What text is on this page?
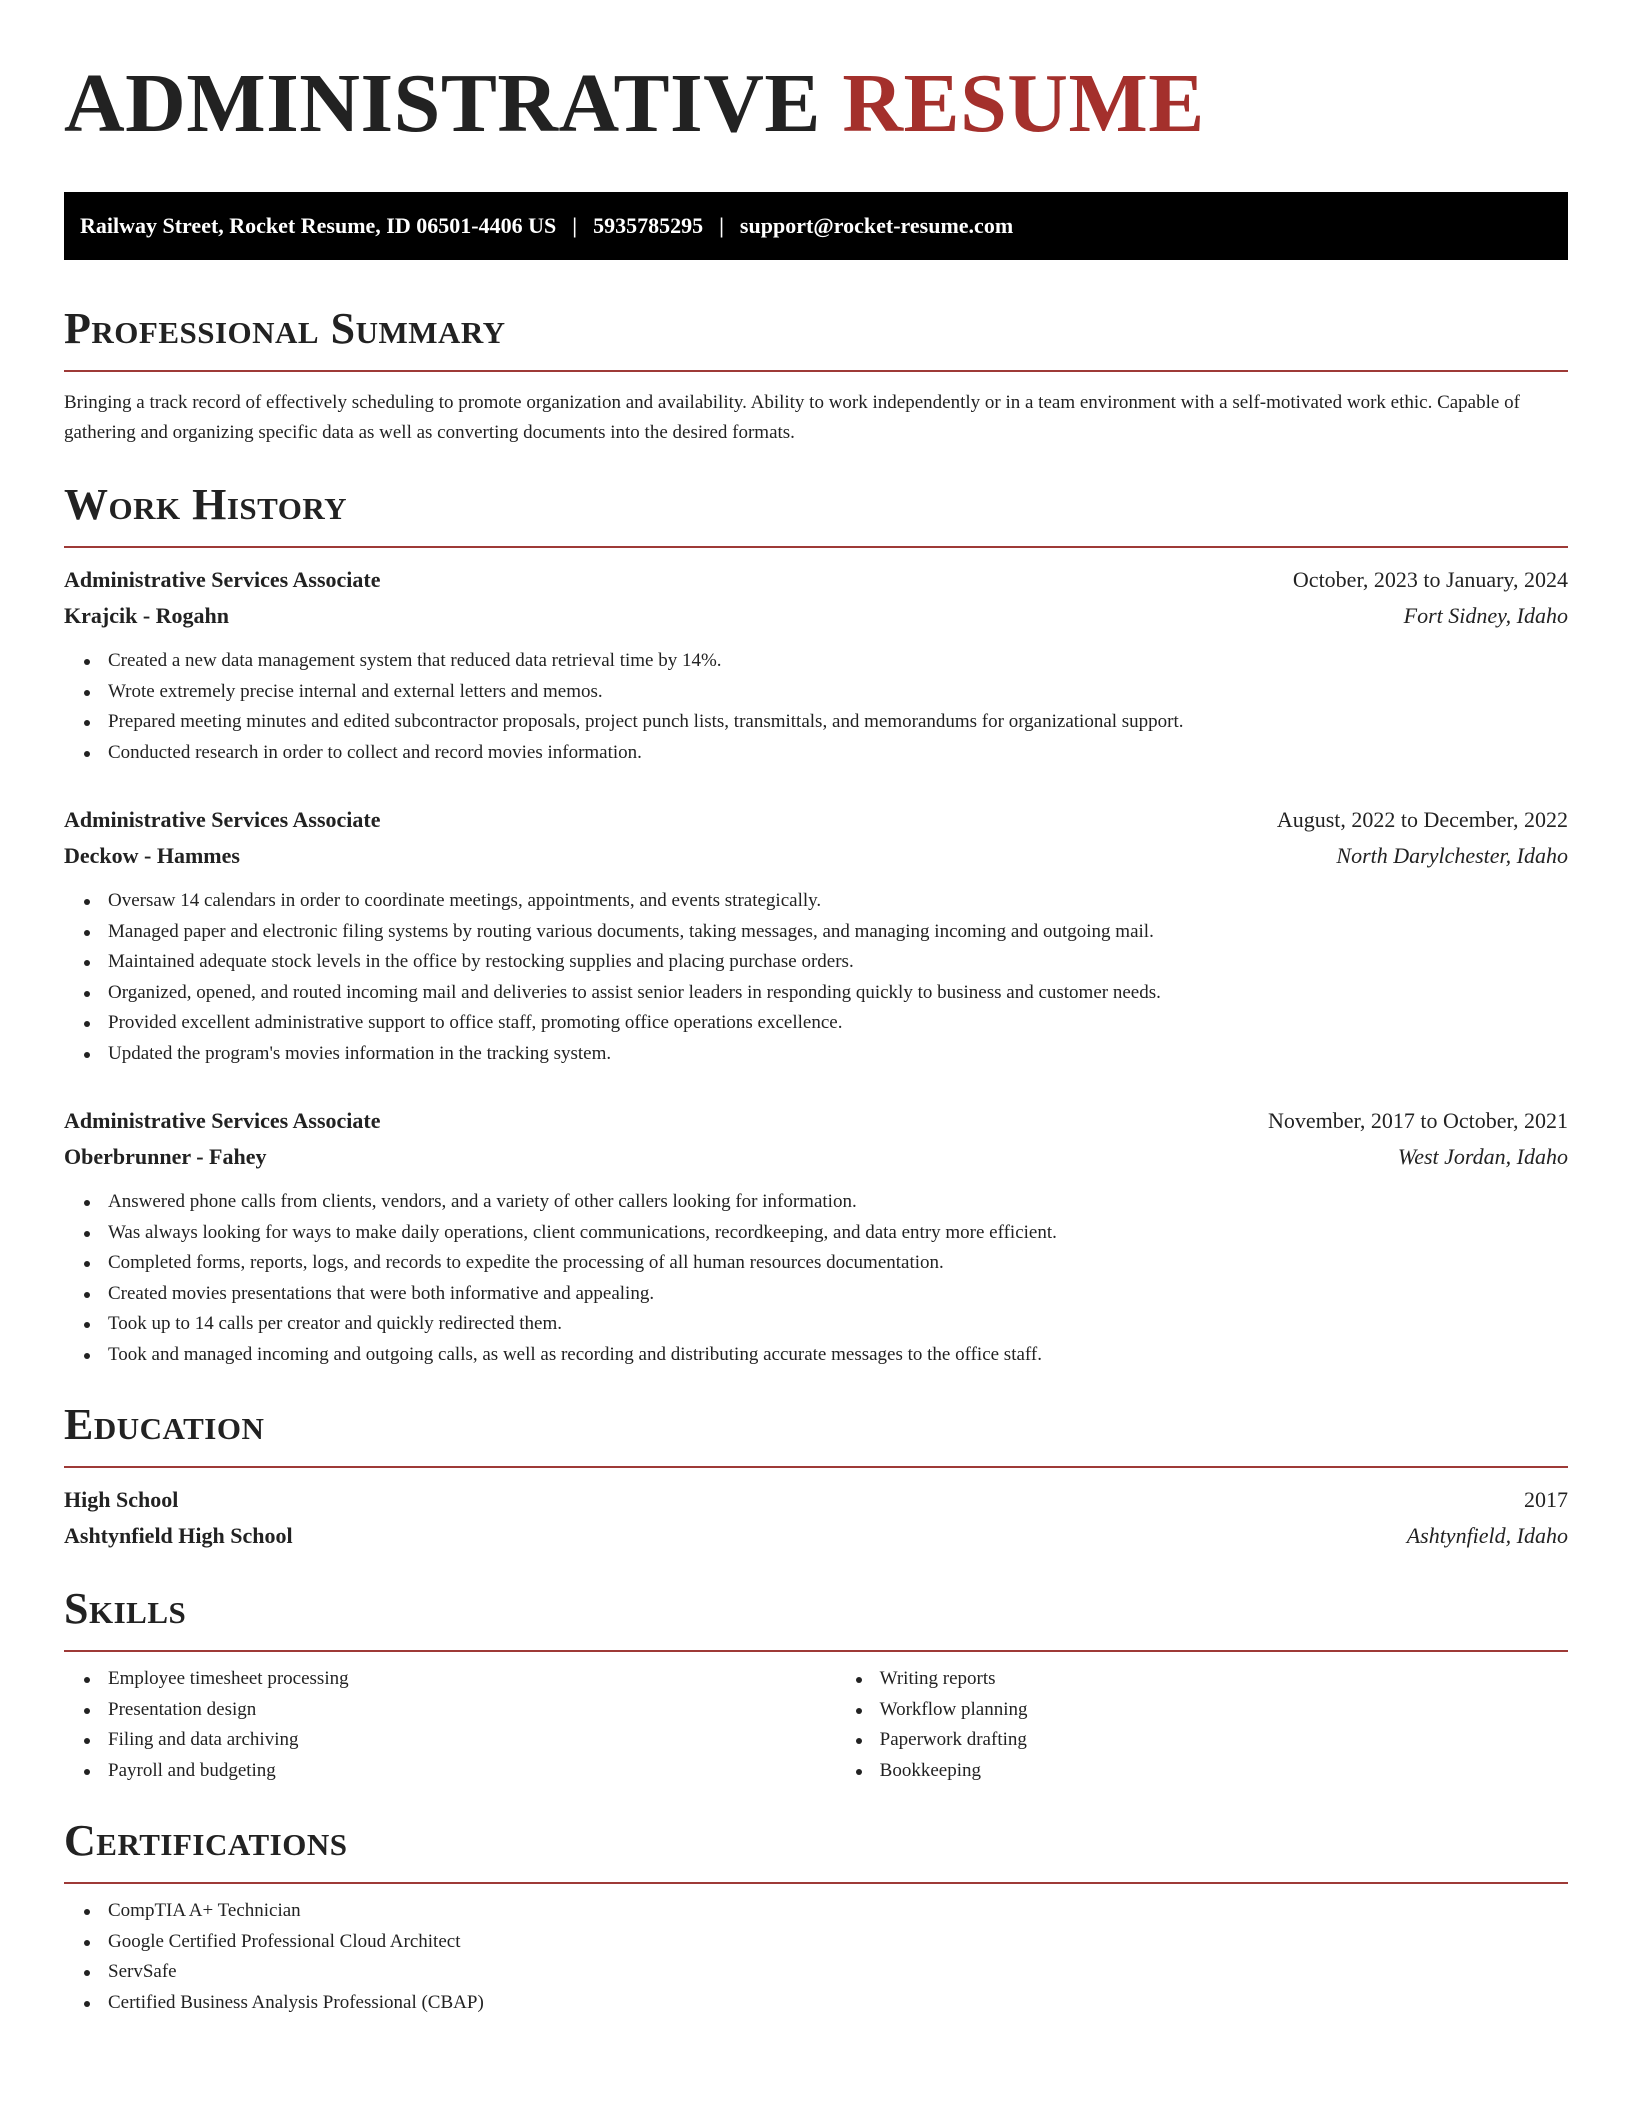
ADMINISTRATIVE RESUME
Railway Street, Rocket Resume, ID 06501-4406 US | 5935785295 | support@rocket-resume.com
Professional Summary

Bringing a track record of effectively scheduling to promote organization and availability. Ability to work independently or in a team environment with a self-motivated work ethic. Capable of gathering and organizing specific data as well as converting documents into the desired formats.

Work History
Administrative Services Associate	October, 2023 to January, 2024
Krajcik - Rogahn	Fort Sidney, Idaho
Created a new data management system that reduced data retrieval time by 14%.
Wrote extremely precise internal and external letters and memos.
Prepared meeting minutes and edited subcontractor proposals, project punch lists, transmittals, and memorandums for organizational support.
Conducted research in order to collect and record movies information.
Administrative Services Associate	August, 2022 to December, 2022
Deckow - Hammes	North Darylchester, Idaho
Oversaw 14 calendars in order to coordinate meetings, appointments, and events strategically.
Managed paper and electronic filing systems by routing various documents, taking messages, and managing incoming and outgoing mail.
Maintained adequate stock levels in the office by restocking supplies and placing purchase orders.
Organized, opened, and routed incoming mail and deliveries to assist senior leaders in responding quickly to business and customer needs.
Provided excellent administrative support to office staff, promoting office operations excellence.
Updated the program's movies information in the tracking system.
Administrative Services Associate	November, 2017 to October, 2021
Oberbrunner - Fahey	West Jordan, Idaho
Answered phone calls from clients, vendors, and a variety of other callers looking for information.
Was always looking for ways to make daily operations, client communications, recordkeeping, and data entry more efficient.
Completed forms, reports, logs, and records to expedite the processing of all human resources documentation.
Created movies presentations that were both informative and appealing.
Took up to 14 calls per creator and quickly redirected them.
Took and managed incoming and outgoing calls, as well as recording and distributing accurate messages to the office staff.
Education
High School	2017
Ashtynfield High School	Ashtynfield, Idaho
Skills
Employee timesheet processing
Presentation design
Filing and data archiving
Payroll and budgeting
Writing reports
Workflow planning
Paperwork drafting
Bookkeeping
Certifications
CompTIA A+ Technician
Google Certified Professional Cloud Architect
ServSafe
Certified Business Analysis Professional (CBAP)
